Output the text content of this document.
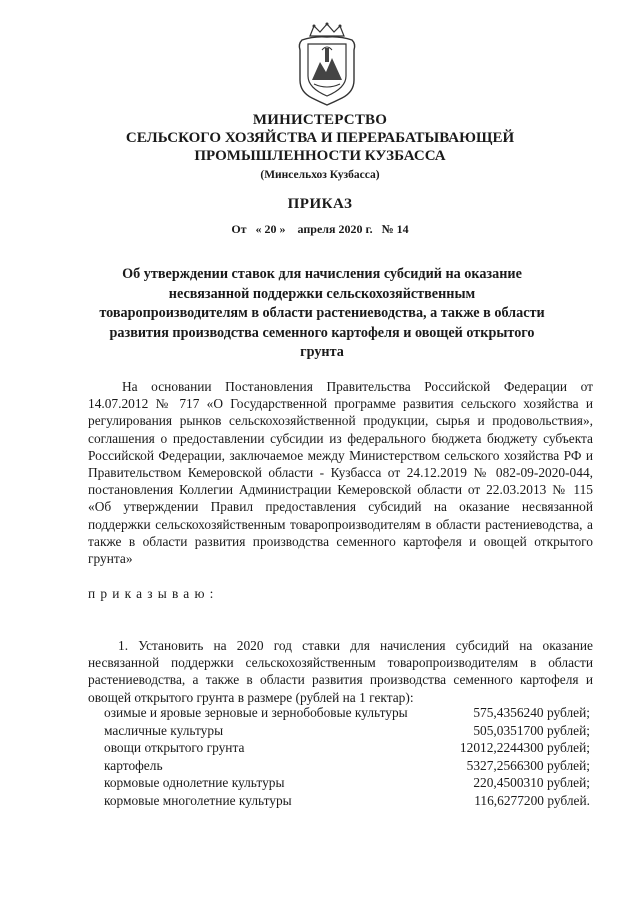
МИНИСТЕРСТВО
СЕЛЬСКОГО ХОЗЯЙСТВА И ПЕРЕРАБАТЫВАЮЩЕЙ
ПРОМЫШЛЕННОСТИ КУЗБАССА
(Минсельхоз Кузбасса)
ПРИКАЗ
От « 20 » апреля 2020 г. № 14
Об утверждении ставок для начисления субсидий на оказание несвязанной поддержки сельскохозяйственным товаропроизводителям в области растениеводства, а также в области развития производства семенного картофеля и овощей открытого грунта
На основании Постановления Правительства Российской Федерации от 14.07.2012 № 717 «О Государственной программе развития сельского хозяйства и регулирования рынков сельскохозяйственной продукции, сырья и продовольствия», соглашения о предоставлении субсидии из федерального бюджета бюджету субъекта Российской Федерации, заключаемое между Министерством сельского хозяйства РФ и Правительством Кемеровской области - Кузбасса от 24.12.2019 № 082-09-2020-044, постановления Коллегии Администрации Кемеровской области от 22.03.2013 № 115 «Об утверждении Правил предоставления субсидий на оказание несвязанной поддержки сельскохозяйственным товаропроизводителям в области растениеводства, а также в области развития производства семенного картофеля и овощей открытого грунта»
приказываю:
1. Установить на 2020 год ставки для начисления субсидий на оказание несвязанной поддержки сельскохозяйственным товаропроизводителям в области растениеводства, а также в области развития производства семенного картофеля и овощей открытого грунта в размере (рублей на 1 гектар):
озимые и яровые зерновые и зернобобовые культуры	575,4356240 рублей;
масличные культуры	505,0351700 рублей;
овощи открытого грунта	12012,2244300 рублей;
картофель	5327,2566300 рублей;
кормовые однолетние культуры	220,4500310 рублей;
кормовые многолетние культуры	116,6277200 рублей.
